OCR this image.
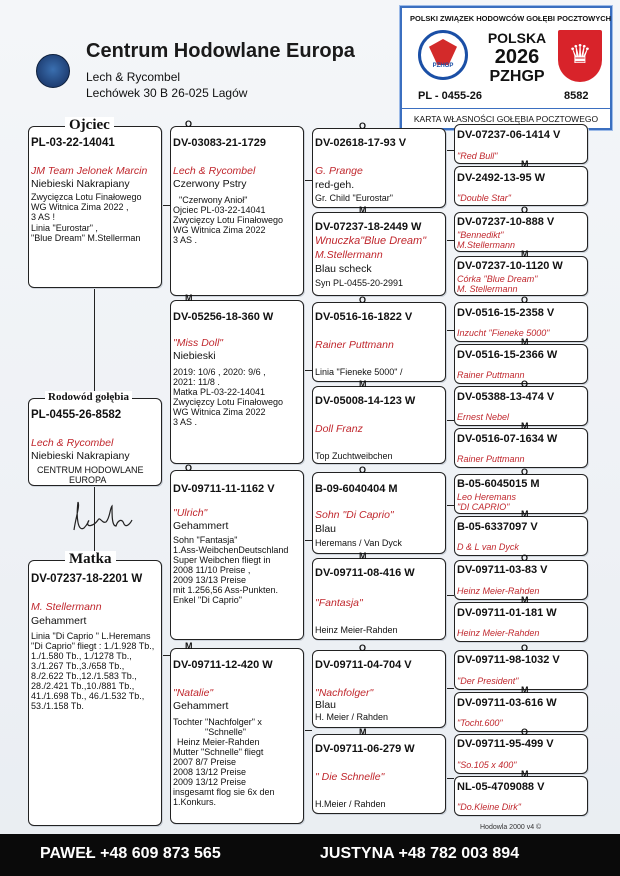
Centrum Hodowlane Europa
Lech & Rycombel
Lechówek 30 B 26-025 Lagów
POLSKI ZWIĄZEK HODOWCÓW GOŁĘBI POCZTOWYCH
PZHGP
POLSKA
2026
PZHGP
♛
PL - 0455-26	8582
KARTA WŁASNOŚCI GOŁĘBIA POCZTOWEGO
Ojciec
PL-03-22-14041
JM Team Jelonek Marcin
Niebieski Nakrapiany
Zwycięzca Lotu Finałowego
WG Witnica Zima 2022 ,
3 AS !
Linia "Eurostar" ,
"Blue Dream" M.Stellerman
Rodowód gołębia
PL-0455-26-8582
Lech & Rycombel
Niebieski Nakrapiany
CENTRUM HODOWLANE
EUROPA
Matka
DV-07237-18-2201 W
M. Stellermann
Gehammert
Linia "Di Caprio " L.Heremans
"Di Caprio" fliegt : 1./1.928 Tb.,
1./1.580 Tb., 1./1278 Tb.,
3./1.267 Tb.,3./658 Tb.,
8./2.622 Tb.,12./1.583 Tb.,
28./2.421 Tb.,10./881 Tb.,
41./1.698 Tb., 46./1.532 Tb.,
53./1.158 Tb.
O
DV-03083-21-1729
Lech & Rycombel
Czerwony Pstry
"Czerwony Anioł"
Ojciec PL-03-22-14041
Zwycięzcy Lotu Finałowego
WG Witnica Zima 2022
3 AS .
M
DV-05256-18-360 W
"Miss Doll"
Niebieski
2019: 10/6 , 2020: 9/6 ,
2021: 11/8 .
Matka PL-03-22-14041
Zwycięzcy Lotu Finałowego
WG Witnica Zima 2022
3 AS .
O
DV-09711-11-1162 V
"Ulrich"
Gehammert
Sohn "Fantasja"
1.Ass-WeibchenDeutschland
Super Weibchen fliegt in
2008 11/10 Preise ,
2009 13/13 Preise
mit 1.256,56 Ass-Punkten.
Enkel "Di Caprio"
M
DV-09711-12-420 W
"Natalie"
Gehammert
Tochter "Nachfolger" x
"Schnelle"
Heinz Meier-Rahden
Mutter "Schnelle" fliegt
2007 8/7 Preise
2008 13/12 Preise
2009 13/12 Preise
insgesamt flog sie 6x den
1.Konkurs.
O
DV-02618-17-93 V
G. Prange
red-geh.
Gr. Child "Eurostar"
M
DV-07237-18-2449 W
Wnuczka"Blue Dream"
M.Stellermann
Blau scheck
Syn PL-0455-20-2991
O
DV-0516-16-1822 V
Rainer Puttmann
Linia "Fieneke 5000" /
M
DV-05008-14-123 W
Doll Franz
Top Zuchtweibchen
O
B-09-6040404 M
Sohn "Di Caprio"
Blau
Heremans / Van Dyck
M
DV-09711-08-416 W
"Fantasja"
Heinz Meier-Rahden
O
DV-09711-04-704 V
"Nachfolger"
Blau
H. Meier / Rahden
M
DV-09711-06-279 W
" Die Schnelle"
H.Meier / Rahden
DV-07237-06-1414 V
"Red Bull"
M
DV-2492-13-95 W
"Double Star"
O
DV-07237-10-888 V
"Bennedikt"
M.Stellermann
M
DV-07237-10-1120 W
Córka "Blue Dream"
M. Stellermann
O
DV-0516-15-2358 V
Inzucht "Fieneke 5000"
M
DV-0516-15-2366 W
Rainer Puttmann
O
DV-05388-13-474 V
Ernest Nebel
M
DV-0516-07-1634 W
Rainer Puttmann
O
B-05-6045015 M
Leo Heremans
"DI CAPRIO"
M
B-05-6337097 V
D & L van Dyck
O
DV-09711-03-83 V
Heinz Meier-Rahden
M
DV-09711-01-181 W
Heinz Meier-Rahden
O
DV-09711-98-1032 V
"Der President"
M
DV-09711-03-616 W
"Tocht.600"
O
DV-09711-95-499 V
"So.105 x 400"
M
NL-05-4709088 V
"Do.Kleine Dirk"
Hodowla 2000 v4 ©
PAWEŁ +48 609 873 565	JUSTYNA +48 782 003 894
